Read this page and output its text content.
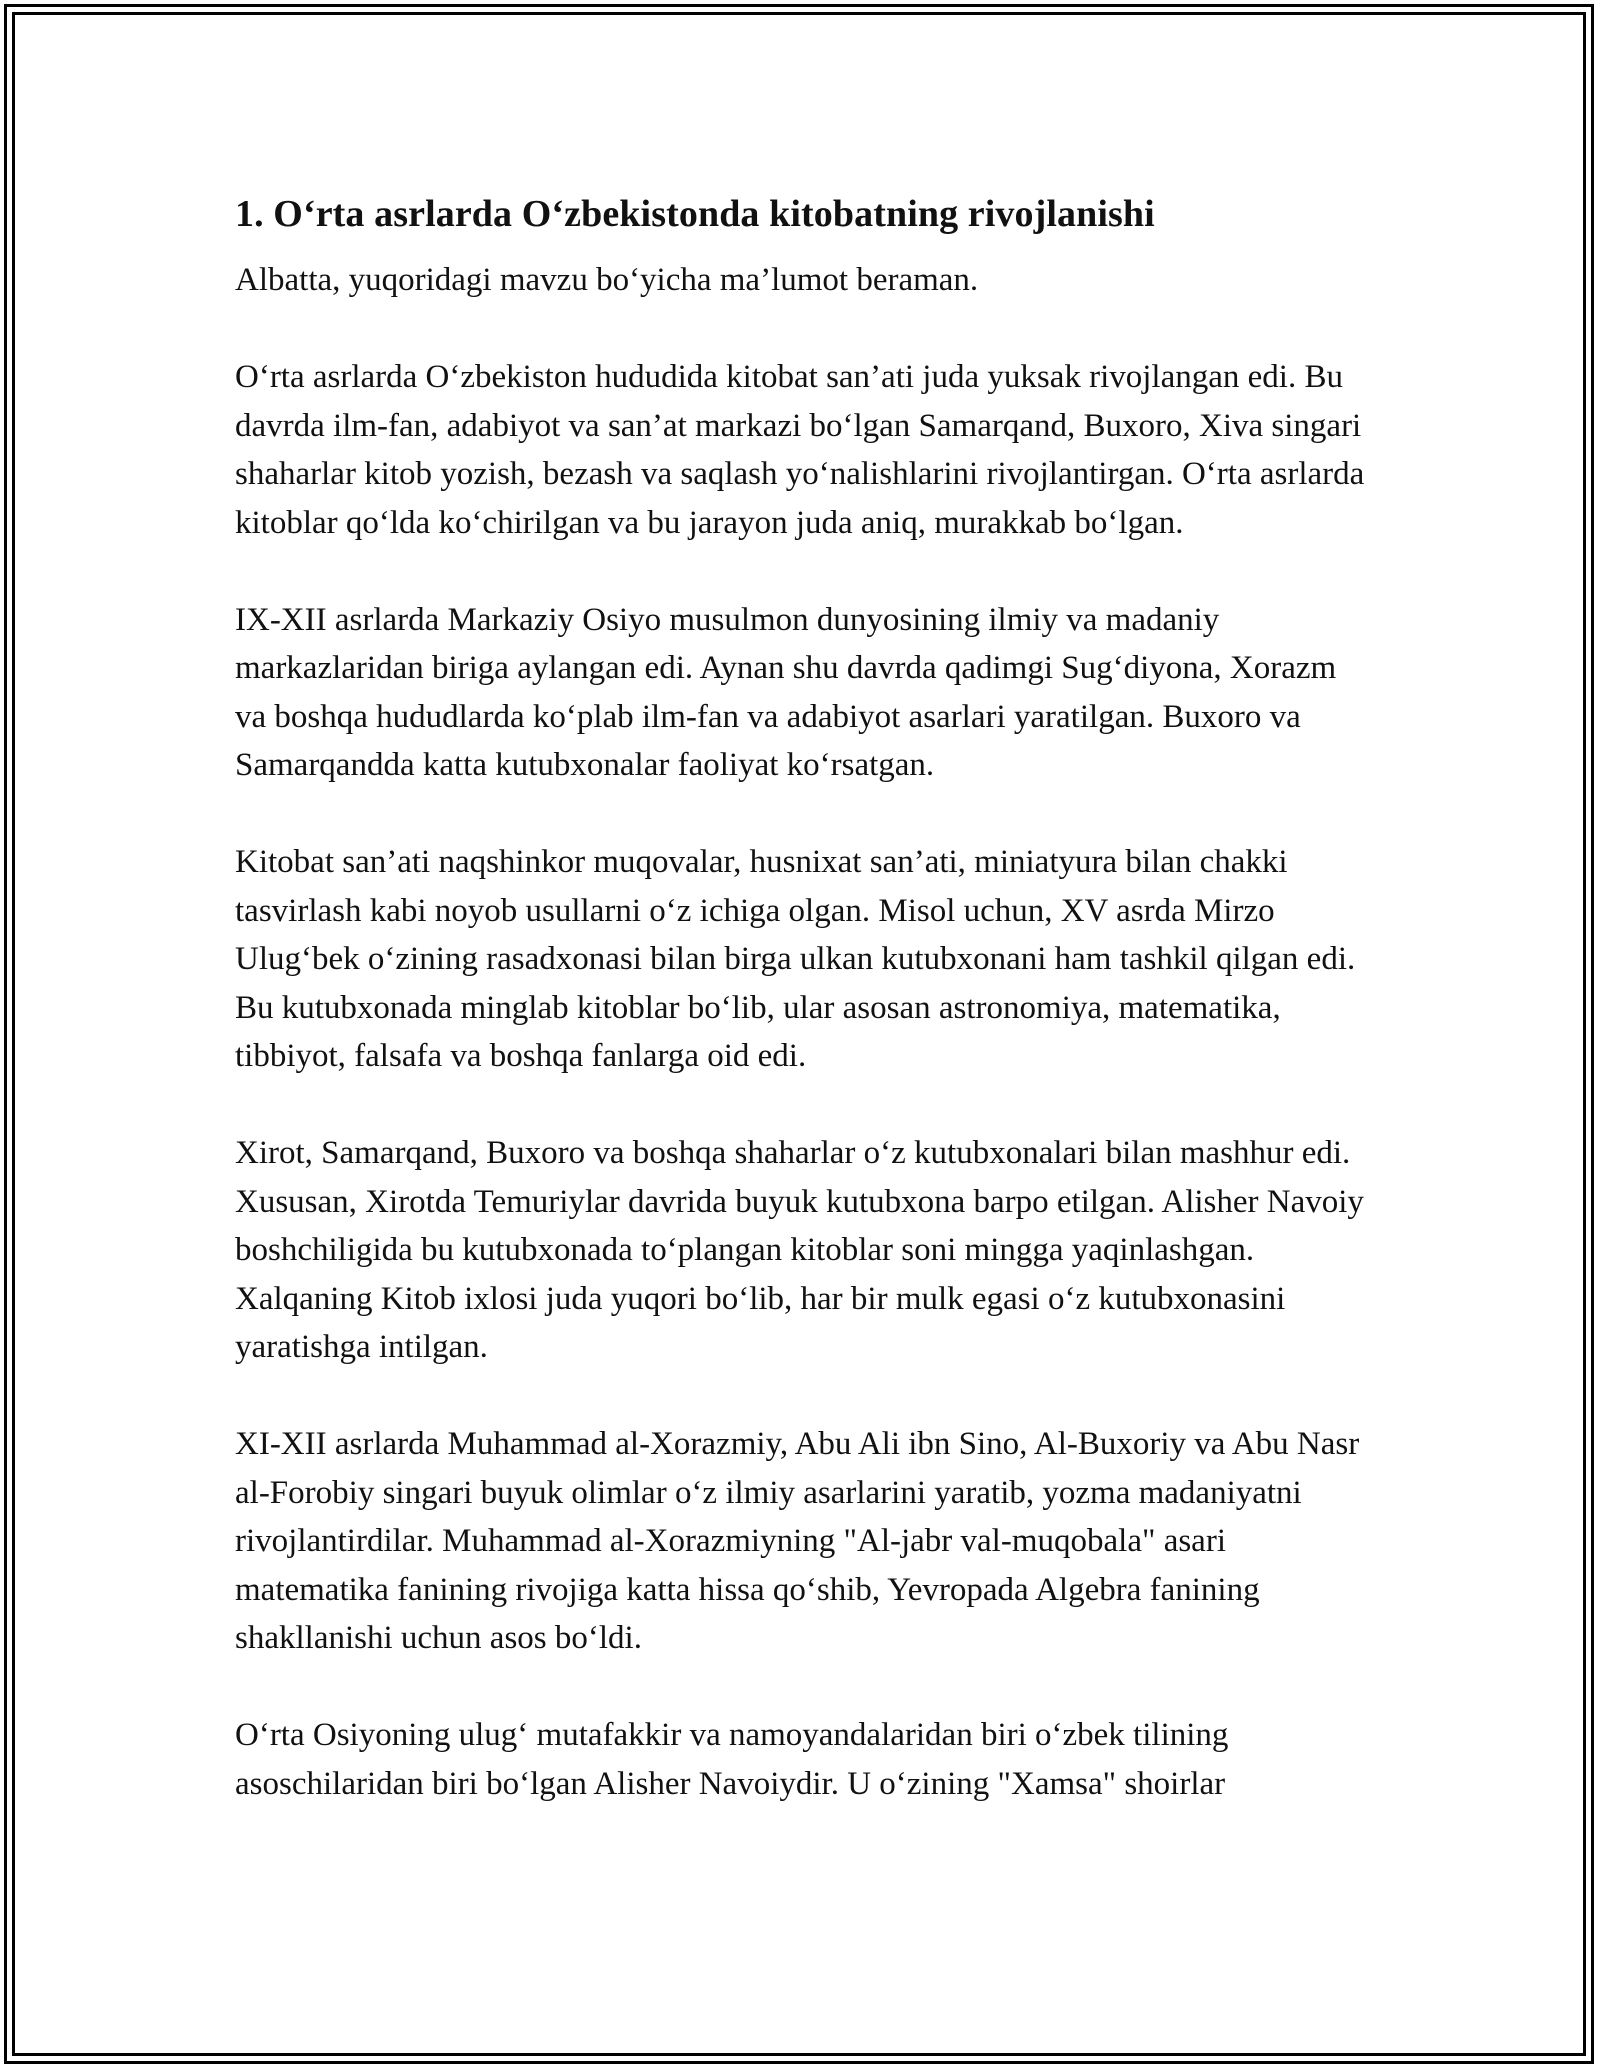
1. O‘rta asrlarda O‘zbekistonda kitobatning rivojlanishi

Albatta, yuqoridagi mavzu bo‘yicha ma’lumot beraman.

O‘rta asrlarda O‘zbekiston hududida kitobat san’ati juda yuksak rivojlangan edi. Bu davrda ilm-fan, adabiyot va san’at markazi bo‘lgan Samarqand, Buxoro, Xiva singari shaharlar kitob yozish, bezash va saqlash yo‘nalishlarini rivojlantirgan. O‘rta asrlarda kitoblar qo‘lda ko‘chirilgan va bu jarayon juda aniq, murakkab bo‘lgan.

IX-XII asrlarda Markaziy Osiyo musulmon dunyosining ilmiy va madaniy markazlaridan biriga aylangan edi. Aynan shu davrda qadimgi Sug‘diyona, Xorazm va boshqa hududlarda ko‘plab ilm-fan va adabiyot asarlari yaratilgan. Buxoro va Samarqandda katta kutubxonalar faoliyat ko‘rsatgan.

Kitobat san’ati naqshinkor muqovalar, husnixat san’ati, miniatyura bilan chakki tasvirlash kabi noyob usullarni o‘z ichiga olgan. Misol uchun, XV asrda Mirzo Ulug‘bek o‘zining rasadxonasi bilan birga ulkan kutubxonani ham tashkil qilgan edi. Bu kutubxonada minglab kitoblar bo‘lib, ular asosan astronomiya, matematika, tibbiyot, falsafa va boshqa fanlarga oid edi.

Xirot, Samarqand, Buxoro va boshqa shaharlar o‘z kutubxonalari bilan mashhur edi. Xususan, Xirotda Temuriylar davrida buyuk kutubxona barpo etilgan. Alisher Navoiy boshchiligida bu kutubxonada to‘plangan kitoblar soni mingga yaqinlashgan. Xalqaning Kitob ixlosi juda yuqori bo‘lib, har bir mulk egasi o‘z kutubxonasini yaratishga intilgan.

XI-XII asrlarda Muhammad al-Xorazmiy, Abu Ali ibn Sino, Al-Buxoriy va Abu Nasr al-Forobiy singari buyuk olimlar o‘z ilmiy asarlarini yaratib, yozma madaniyatni rivojlantirdilar. Muhammad al-Xorazmiyning "Al-jabr val-muqobala" asari matematika fanining rivojiga katta hissa qo‘shib, Yevropada Algebra fanining shakllanishi uchun asos bo‘ldi.

O‘rta Osiyoning ulug‘ mutafakkir va namoyandalaridan biri o‘zbek tilining asoschilaridan biri bo‘lgan Alisher Navoiydir. U o‘zining "Xamsa" shoirlar
